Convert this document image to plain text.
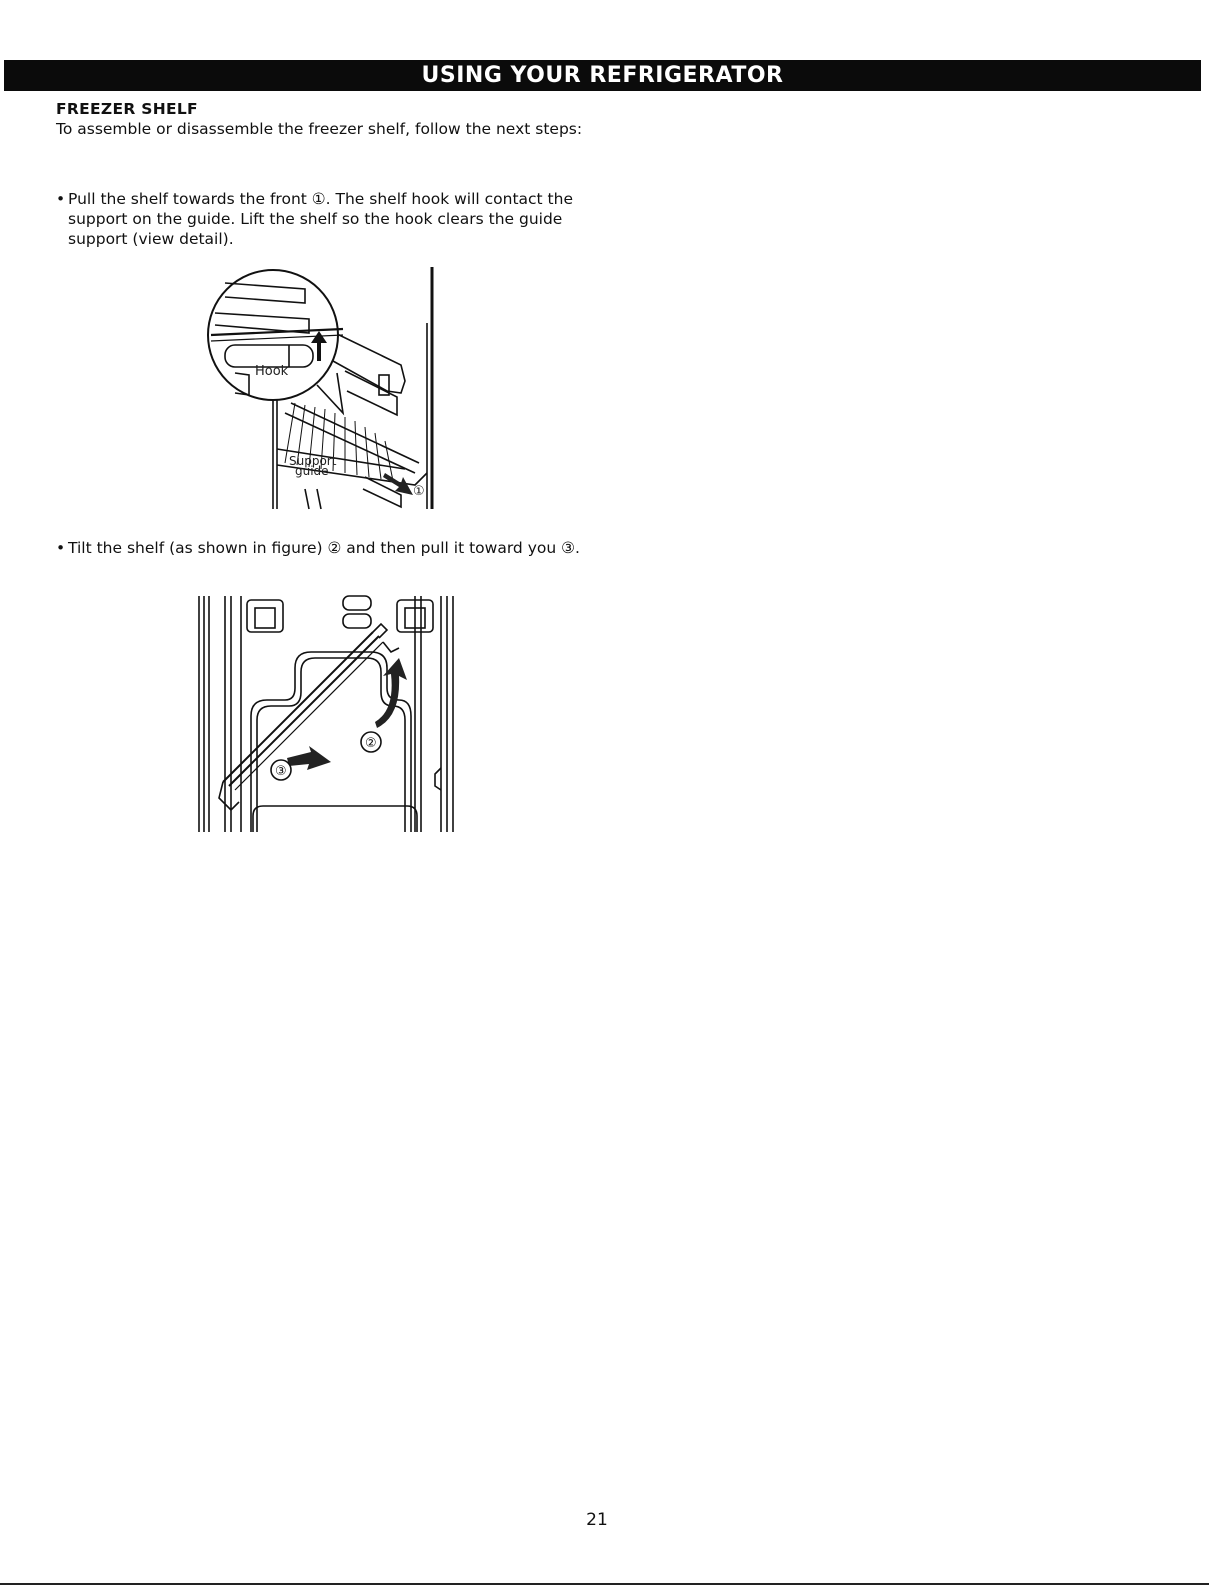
USING YOUR REFRIGERATOR
FREEZER SHELF

To assemble or disassemble the freezer shelf, follow the next steps:

• Pull the shelf towards the front ①. The shelf hook will contact the support on the guide. Lift the shelf so the hook clears the guide support (view detail).

Hook
Support
guide
①

• Tilt the shelf (as shown in figure) ② and then pull it toward you ③.

②
③
21
